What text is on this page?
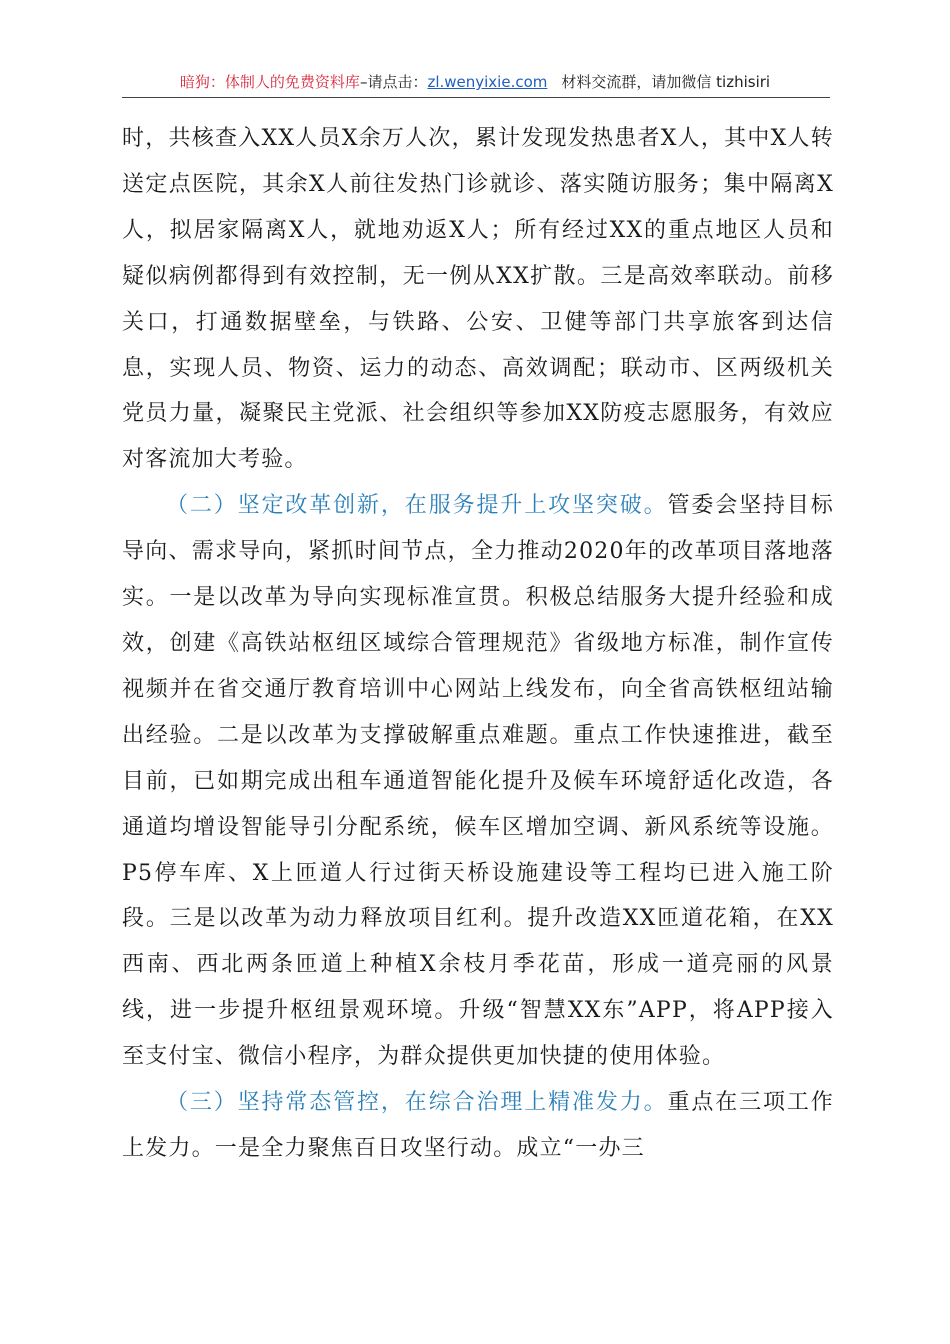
暗狗：体制人的免费资料库–请点击：zl.wenyixie.com 材料交流群，请加微信 tizhisiri

时，共核查入XX人员X余万人次，累计发现发热患者X人，其中X人转送定点医院，其余X人前往发热门诊就诊、落实随访服务；集中隔离X人，拟居家隔离X人，就地劝返X人；所有经过XX的重点地区人员和疑似病例都得到有效控制，无一例从XX扩散。三是高效率联动。前移关口，打通数据壁垒，与铁路、公安、卫健等部门共享旅客到达信息，实现人员、物资、运力的动态、高效调配；联动市、区两级机关党员力量，凝聚民主党派、社会组织等参加XX防疫志愿服务，有效应对客流加大考验。

（二）坚定改革创新，在服务提升上攻坚突破。管委会坚持目标导向、需求导向，紧抓时间节点，全力推动2020年的改革项目落地落实。一是以改革为导向实现标准宣贯。积极总结服务大提升经验和成效，创建《高铁站枢纽区域综合管理规范》省级地方标准，制作宣传视频并在省交通厅教育培训中心网站上线发布，向全省高铁枢纽站输出经验。二是以改革为支撑破解重点难题。重点工作快速推进，截至目前，已如期完成出租车通道智能化提升及候车环境舒适化改造，各通道均增设智能导引分配系统，候车区增加空调、新风系统等设施。P5停车库、X上匝道人行过街天桥设施建设等工程均已进入施工阶段。三是以改革为动力释放项目红利。提升改造XX匝道花箱，在XX西南、西北两条匝道上种植X余枝月季花苗，形成一道亮丽的风景线，进一步提升枢纽景观环境。升级“智慧XX东”APP，将APP接入至支付宝、微信小程序，为群众提供更加快捷的使用体验。

（三）坚持常态管控，在综合治理上精准发力。重点在三项工作上发力。一是全力聚焦百日攻坚行动。成立“一办三
